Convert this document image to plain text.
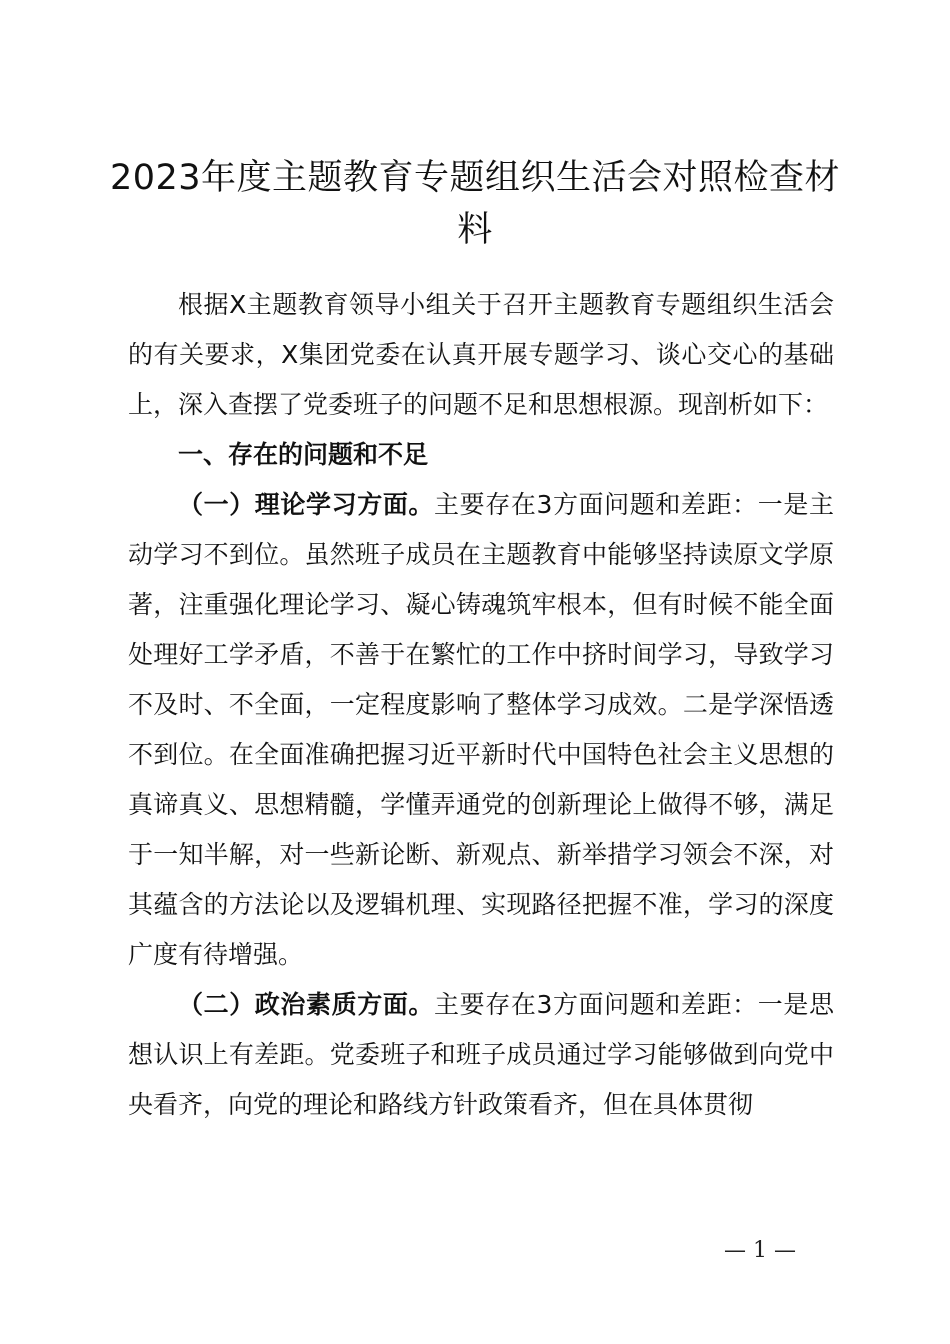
2023年度主题教育专题组织生活会对照检查材料

根据X主题教育领导小组关于召开主题教育专题组织生活会的有关要求，X集团党委在认真开展专题学习、谈心交心的基础上，深入查摆了党委班子的问题不足和思想根源。现剖析如下：

一、存在的问题和不足

（一）理论学习方面。主要存在3方面问题和差距：一是主动学习不到位。虽然班子成员在主题教育中能够坚持读原文学原著，注重强化理论学习、凝心铸魂筑牢根本，但有时候不能全面处理好工学矛盾，不善于在繁忙的工作中挤时间学习，导致学习不及时、不全面，一定程度影响了整体学习成效。二是学深悟透不到位。在全面准确把握习近平新时代中国特色社会主义思想的真谛真义、思想精髓，学懂弄通党的创新理论上做得不够，满足于一知半解，对一些新论断、新观点、新举措学习领会不深，对其蕴含的方法论以及逻辑机理、实现路径把握不准，学习的深度广度有待增强。

（二）政治素质方面。主要存在3方面问题和差距：一是思想认识上有差距。党委班子和班子成员通过学习能够做到向党中央看齐，向党的理论和路线方针政策看齐，但在具体贯彻

— 1 —
